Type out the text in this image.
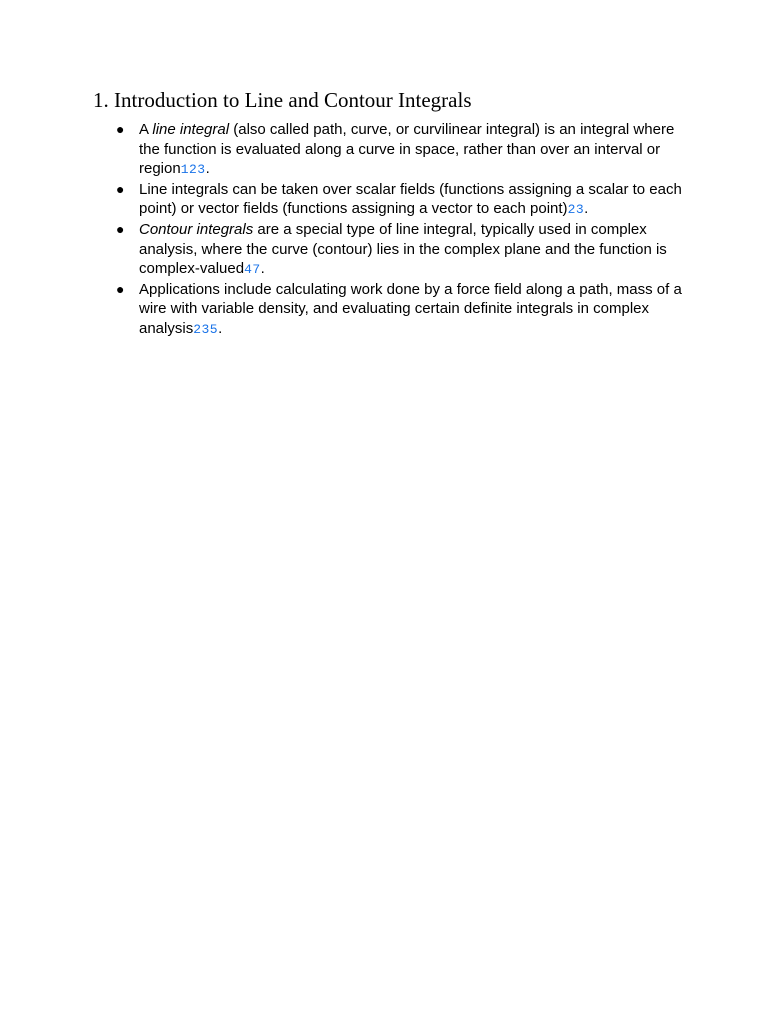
1. Introduction to Line and Contour Integrals
● A line integral (also called path, curve, or curvilinear integral) is an integral where the function is evaluated along a curve in space, rather than over an interval or region123.
● Line integrals can be taken over scalar fields (functions assigning a scalar to each point) or vector fields (functions assigning a vector to each point)23.
● Contour integrals are a special type of line integral, typically used in complex analysis, where the curve (contour) lies in the complex plane and the function is complex-valued47.
● Applications include calculating work done by a force field along a path, mass of a wire with variable density, and evaluating certain definite integrals in complex analysis235.
